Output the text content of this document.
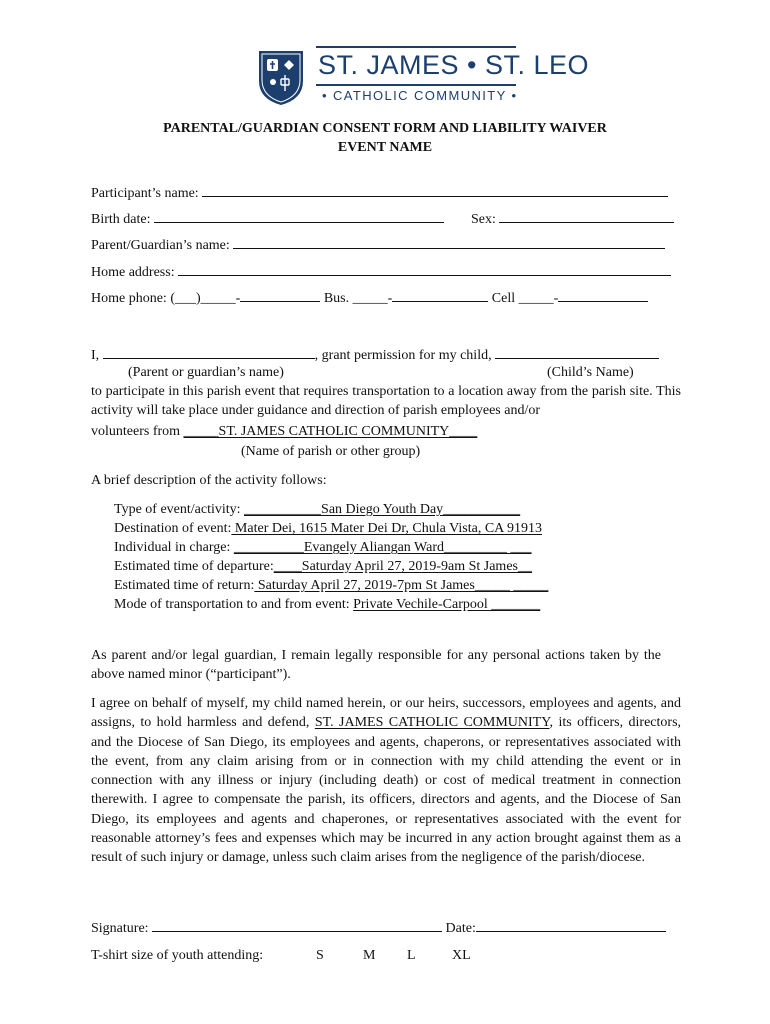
ST. JAMES • ST. LEO
• CATHOLIC COMMUNITY •
PARENTAL/GUARDIAN CONSENT FORM AND LIABILITY WAIVER
EVENT NAME
Participant’s name:
Birth date:	Sex:
Parent/Guardian’s name:
Home address:
Home phone: (___)_____-	Bus. _____-	Cell _____-
I,	, grant permission for my child,
(Parent or guardian’s name)	(Child’s Name)
to participate in this parish event that requires transportation to a location away from the parish site. This activity will take place under guidance and direction of parish employees and/or
volunteers from _____ST. JAMES CATHOLIC COMMUNITY____
(Name of parish or other group)
A brief description of the activity follows:
Type of event/activity: ___________San Diego Youth Day___________
Destination of event: Mater Dei, 1615 Mater Dei Dr, Chula Vista, CA 91913
Individual in charge: __________Evangely Aliangan Ward_________ ___
Estimated time of departure:____Saturday April 27, 2019-9am St James__
Estimated time of return: Saturday April 27, 2019-7pm St James_____ _____
Mode of transportation to and from event: Private Vechile-Carpool _______
As parent and/or legal guardian, I remain legally responsible for any personal actions taken by the above named minor (“participant”).
I agree on behalf of myself, my child named herein, or our heirs, successors, employees and agents, and assigns, to hold harmless and defend, ST. JAMES CATHOLIC COMMUNITY, its officers, directors, and the Diocese of San Diego, its employees and agents, chaperons, or representatives associated with the event, from any claim arising from or in connection with my child attending the event or in connection with any illness or injury (including death) or cost of medical treatment in connection therewith. I agree to compensate the parish, its officers, directors and agents, and the Diocese of San Diego, its employees and agents and chaperones, or representatives associated with the event for reasonable attorney’s fees and expenses which may be incurred in any action brought against them as a result of such injury or damage, unless such claim arises from the negligence of the parish/diocese.
Signature:	Date:
T-shirt size of youth attending:	S	M L	XL
